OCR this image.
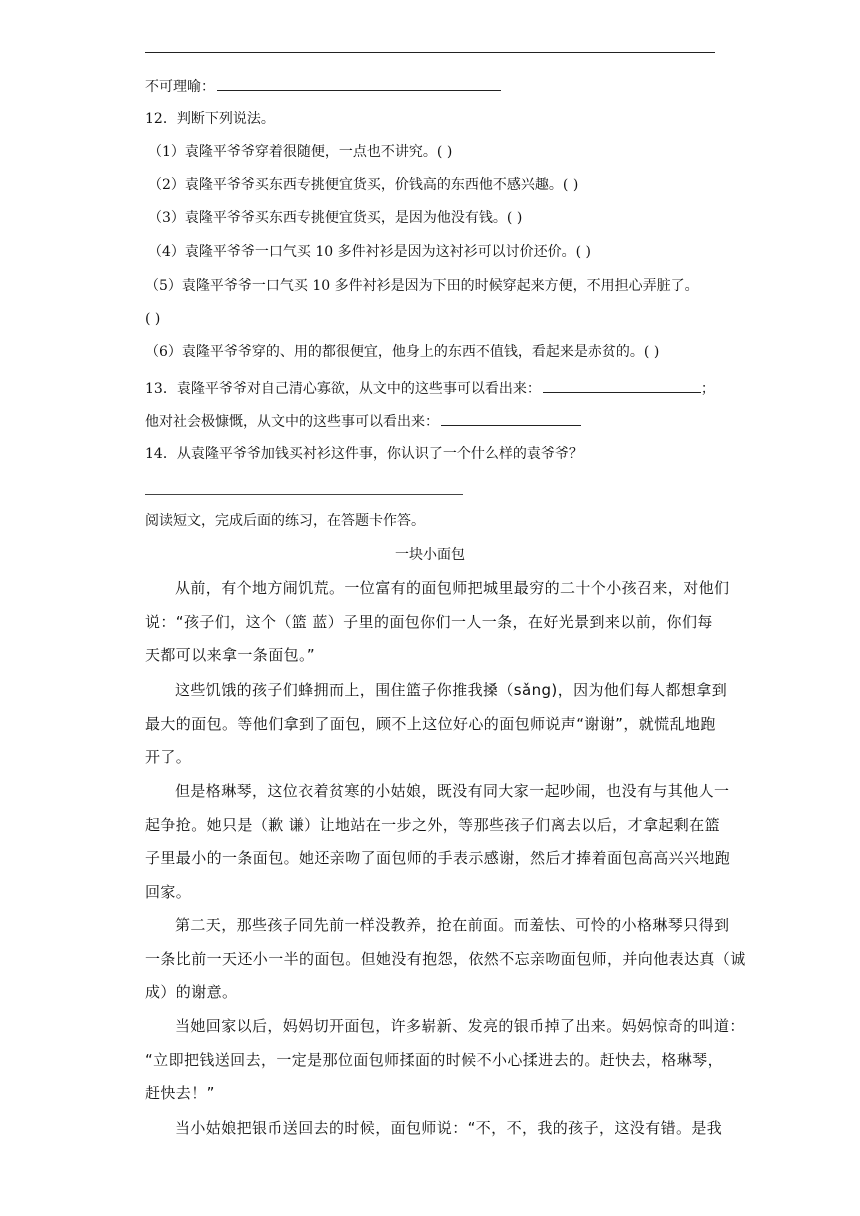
不可理喻：
12．判断下列说法。
（1）袁隆平爷爷穿着很随便，一点也不讲究。( )
（2）袁隆平爷爷买东西专挑便宜货买，价钱高的东西他不感兴趣。( )
（3）袁隆平爷爷买东西专挑便宜货买，是因为他没有钱。( )
（4）袁隆平爷爷一口气买 10 多件衬衫是因为这衬衫可以讨价还价。( )
（5）袁隆平爷爷一口气买 10 多件衬衫是因为下田的时候穿起来方便，不用担心弄脏了。
( )
（6）袁隆平爷爷穿的、用的都很便宜，他身上的东西不值钱，看起来是赤贫的。( )
13．袁隆平爷爷对自己清心寡欲，从文中的这些事可以看出来：	；
他对社会极慷慨，从文中的这些事可以看出来：
14．从袁隆平爷爷加钱买衬衫这件事，你认识了一个什么样的袁爷爷？
阅读短文，完成后面的练习，在答题卡作答。
一块小面包
从前，有个地方闹饥荒。一位富有的面包师把城里最穷的二十个小孩召来，对他们
说：“孩子们，这个（篮 蓝）子里的面包你们一人一条，在好光景到来以前，你们每
天都可以来拿一条面包。”
这些饥饿的孩子们蜂拥而上，围住篮子你推我搡（sǎng)，因为他们每人都想拿到
最大的面包。等他们拿到了面包，顾不上这位好心的面包师说声“谢谢”，就慌乱地跑
开了。
但是格琳琴，这位衣着贫寒的小姑娘，既没有同大家一起吵闹，也没有与其他人一
起争抢。她只是（歉 谦）让地站在一步之外，等那些孩子们离去以后，才拿起剩在篮
子里最小的一条面包。她还亲吻了面包师的手表示感谢，然后才捧着面包高高兴兴地跑
回家。
第二天，那些孩子同先前一样没教养，抢在前面。而羞怯、可怜的小格琳琴只得到
一条比前一天还小一半的面包。但她没有抱怨，依然不忘亲吻面包师，并向他表达真（诚
成）的谢意。
当她回家以后，妈妈切开面包，许多崭新、发亮的银币掉了出来。妈妈惊奇的叫道：
“立即把钱送回去，一定是那位面包师揉面的时候不小心揉进去的。赶快去，格琳琴，
赶快去！”
当小姑娘把银币送回去的时候，面包师说：“不，不，我的孩子，这没有错。是我
